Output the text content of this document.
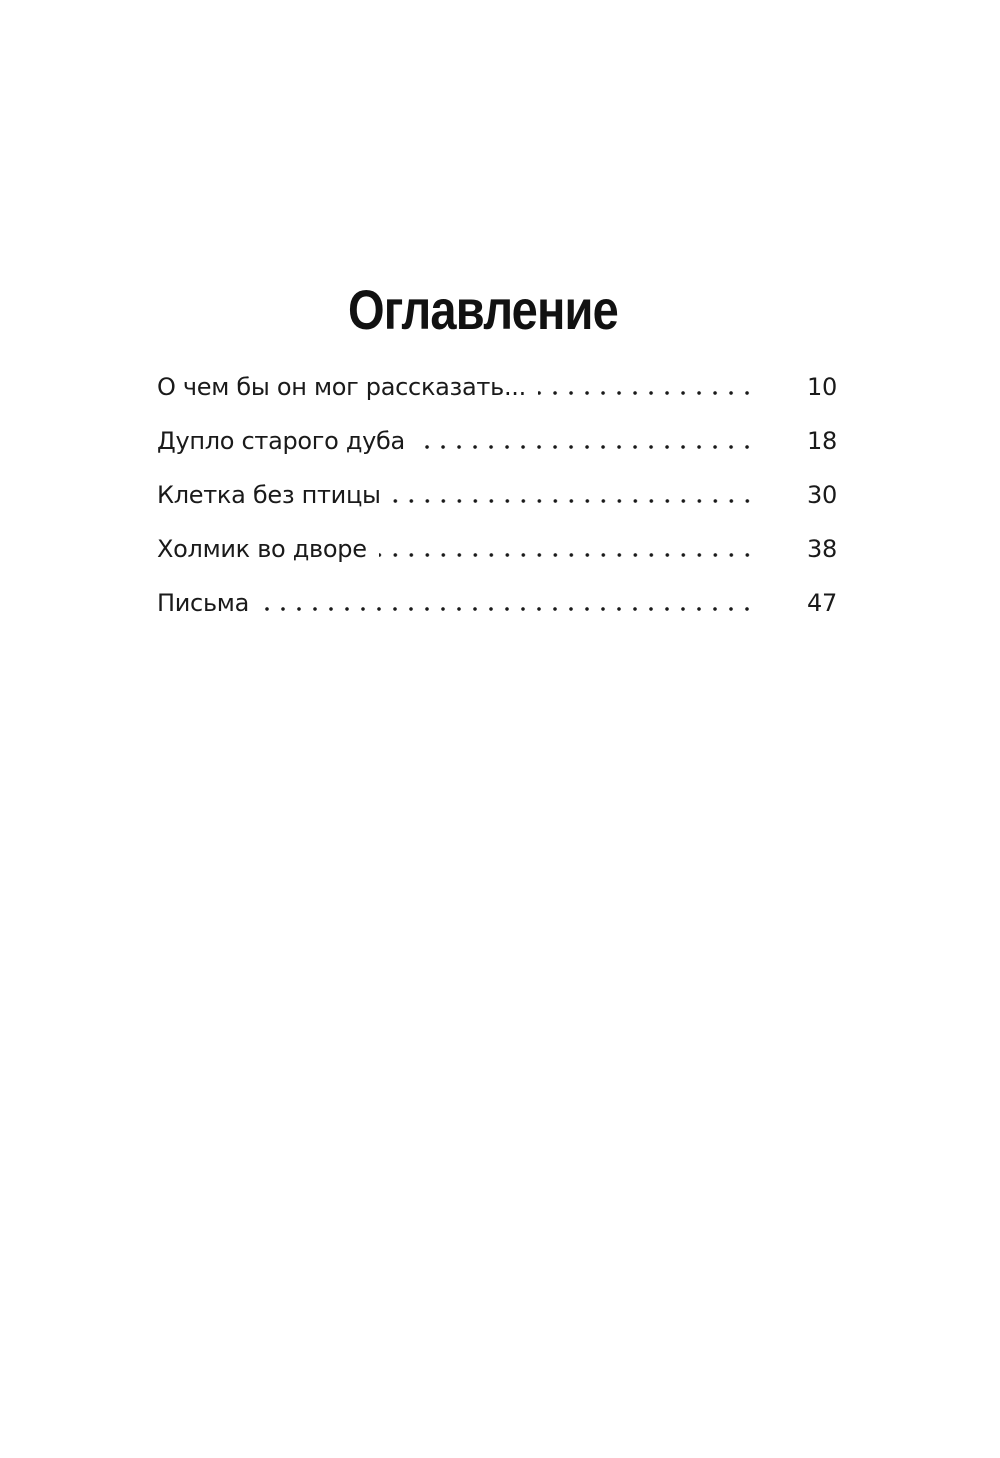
Оглавление
О чем бы он мог рассказать...	10
Дупло старого дуба	18
Клетка без птицы	30
Холмик во дворе	38
Письма	47
